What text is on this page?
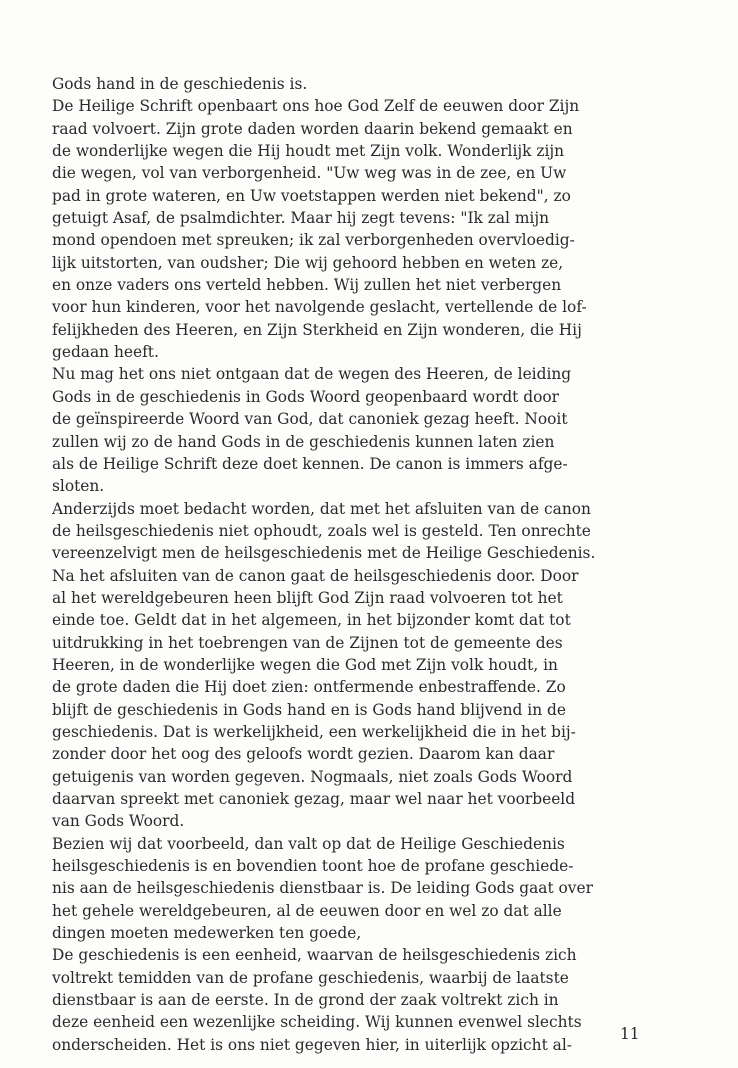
Gods hand in de geschiedenis is.
De Heilige Schrift openbaart ons hoe God Zelf de eeuwen door Zijn
raad volvoert. Zijn grote daden worden daarin bekend gemaakt en
de wonderlijke wegen die Hij houdt met Zijn volk. Wonderlijk zijn
die wegen, vol van verborgenheid. "Uw weg was in de zee, en Uw
pad in grote wateren, en Uw voetstappen werden niet bekend", zo
getuigt Asaf, de psalmdichter. Maar hij zegt tevens: "Ik zal mijn
mond opendoen met spreuken; ik zal verborgenheden overvloedig-
lijk uitstorten, van oudsher; Die wij gehoord hebben en weten ze,
en onze vaders ons verteld hebben. Wij zullen het niet verbergen
voor hun kinderen, voor het navolgende geslacht, vertellende de lof-
felijkheden des Heeren, en Zijn Sterkheid en Zijn wonderen, die Hij
gedaan heeft.
Nu mag het ons niet ontgaan dat de wegen des Heeren, de leiding
Gods in de geschiedenis in Gods Woord geopenbaard wordt door
de geïnspireerde Woord van God, dat canoniek gezag heeft. Nooit
zullen wij zo de hand Gods in de geschiedenis kunnen laten zien
als de Heilige Schrift deze doet kennen. De canon is immers afge-
sloten.
Anderzijds moet bedacht worden, dat met het afsluiten van de canon
de heilsgeschiedenis niet ophoudt, zoals wel is gesteld. Ten onrechte
vereenzelvigt men de heilsgeschiedenis met de Heilige Geschiedenis.
Na het afsluiten van de canon gaat de heilsgeschiedenis door. Door
al het wereldgebeuren heen blijft God Zijn raad volvoeren tot het
einde toe. Geldt dat in het algemeen, in het bijzonder komt dat tot
uitdrukking in het toebrengen van de Zijnen tot de gemeente des
Heeren, in de wonderlijke wegen die God met Zijn volk houdt, in
de grote daden die Hij doet zien: ontfermende enbestraffende. Zo
blijft de geschiedenis in Gods hand en is Gods hand blijvend in de
geschiedenis. Dat is werkelijkheid, een werkelijkheid die in het bij-
zonder door het oog des geloofs wordt gezien. Daarom kan daar
getuigenis van worden gegeven. Nogmaals, niet zoals Gods Woord
daarvan spreekt met canoniek gezag, maar wel naar het voorbeeld
van Gods Woord.
Bezien wij dat voorbeeld, dan valt op dat de Heilige Geschiedenis
heilsgeschiedenis is en bovendien toont hoe de profane geschiede-
nis aan de heilsgeschiedenis dienstbaar is. De leiding Gods gaat over
het gehele wereldgebeuren, al de eeuwen door en wel zo dat alle
dingen moeten medewerken ten goede,
De geschiedenis is een eenheid, waarvan de heilsgeschiedenis zich
voltrekt temidden van de profane geschiedenis, waarbij de laatste
dienstbaar is aan de eerste. In de grond der zaak voltrekt zich in
deze eenheid een wezenlijke scheiding. Wij kunnen evenwel slechts
onderscheiden. Het is ons niet gegeven hier, in uiterlijk opzicht al-
11
